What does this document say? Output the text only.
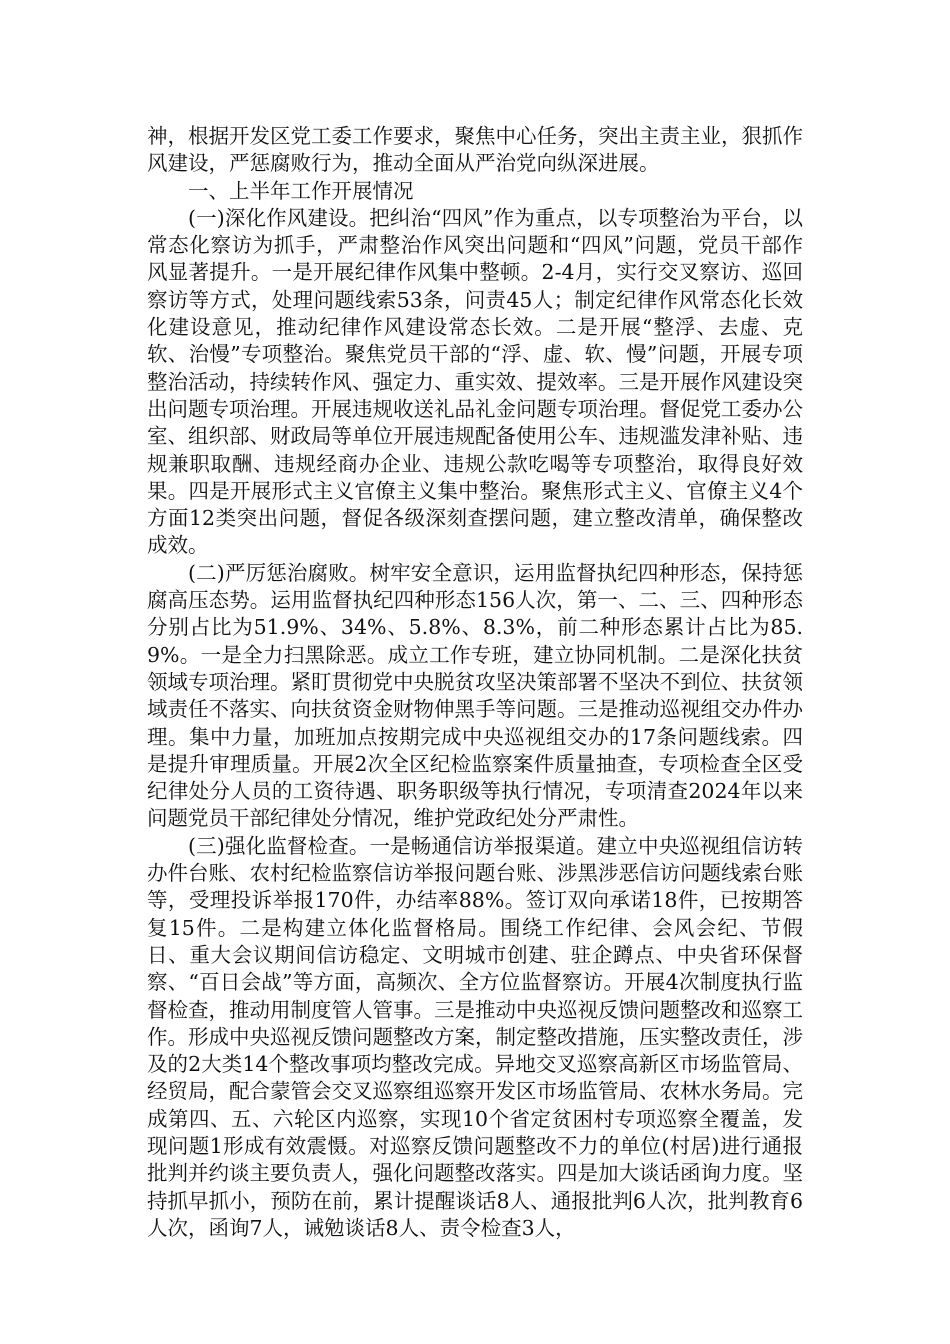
神，根据开发区党工委工作要求，聚焦中心任务，突出主责主业，狠抓作风建设，严惩腐败行为，推动全面从严治党向纵深进展。

一、上半年工作开展情况

(一)深化作风建设。把纠治“四风”作为重点，以专项整治为平台，以常态化察访为抓手，严肃整治作风突出问题和“四风”问题，党员干部作风显著提升。一是开展纪律作风集中整顿。2-4月，实行交叉察访、巡回察访等方式，处理问题线索53条，问责45人；制定纪律作风常态化长效化建设意见，推动纪律作风建设常态长效。二是开展“整浮、去虚、克软、治慢”专项整治。聚焦党员干部的“浮、虚、软、慢”问题，开展专项整治活动，持续转作风、强定力、重实效、提效率。三是开展作风建设突出问题专项治理。开展违规收送礼品礼金问题专项治理。督促党工委办公室、组织部、财政局等单位开展违规配备使用公车、违规滥发津补贴、违规兼职取酬、违规经商办企业、违规公款吃喝等专项整治，取得良好效果。四是开展形式主义官僚主义集中整治。聚焦形式主义、官僚主义4个方面12类突出问题，督促各级深刻查摆问题，建立整改清单，确保整改成效。

(二)严厉惩治腐败。树牢安全意识，运用监督执纪四种形态，保持惩腐高压态势。运用监督执纪四种形态156人次，第一、二、三、四种形态分别占比为51.9%、34%、5.8%、8.3%，前二种形态累计占比为85.9%。一是全力扫黑除恶。成立工作专班，建立协同机制。二是深化扶贫领域专项治理。紧盯贯彻党中央脱贫攻坚决策部署不坚决不到位、扶贫领域责任不落实、向扶贫资金财物伸黑手等问题。三是推动巡视组交办件办理。集中力量，加班加点按期完成中央巡视组交办的17条问题线索。四是提升审理质量。开展2次全区纪检监察案件质量抽查，专项检查全区受纪律处分人员的工资待遇、职务职级等执行情况，专项清查2024年以来问题党员干部纪律处分情况，维护党政纪处分严肃性。

(三)强化监督检查。一是畅通信访举报渠道。建立中央巡视组信访转办件台账、农村纪检监察信访举报问题台账、涉黑涉恶信访问题线索台账等，受理投诉举报170件，办结率88%。签订双向承诺18件，已按期答复15件。二是构建立体化监督格局。围绕工作纪律、会风会纪、节假日、重大会议期间信访稳定、文明城市创建、驻企蹲点、中央省环保督察、“百日会战”等方面，高频次、全方位监督察访。开展4次制度执行监督检查，推动用制度管人管事。三是推动中央巡视反馈问题整改和巡察工作。形成中央巡视反馈问题整改方案，制定整改措施，压实整改责任，涉及的2大类14个整改事项均整改完成。异地交叉巡察高新区市场监管局、经贸局，配合蒙管会交叉巡察组巡察开发区市场监管局、农林水务局。完成第四、五、六轮区内巡察，实现10个省定贫困村专项巡察全覆盖，发现问题1形成有效震慑。对巡察反馈问题整改不力的单位(村居)进行通报批判并约谈主要负责人，强化问题整改落实。四是加大谈话函询力度。坚持抓早抓小，预防在前，累计提醒谈话8人、通报批判6人次，批判教育6人次，函询7人，诫勉谈话8人、责令检查3人，
